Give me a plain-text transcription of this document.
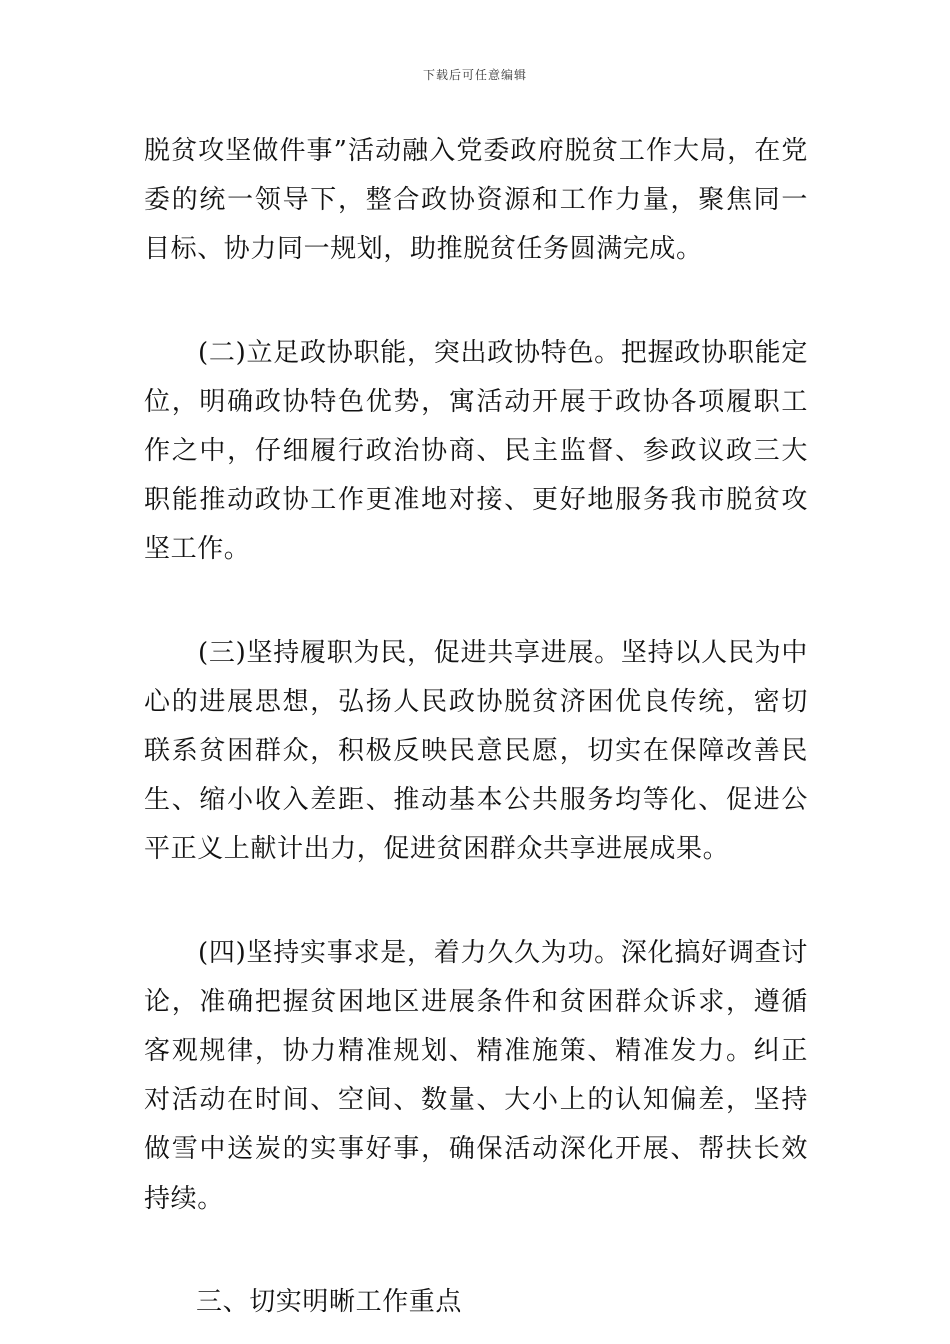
下载后可任意编辑

脱贫攻坚做件事”活动融入党委政府脱贫工作大局，在党委的统一领导下，整合政协资源和工作力量，聚焦同一目标、协力同一规划，助推脱贫任务圆满完成。

(二)立足政协职能，突出政协特色。把握政协职能定位，明确政协特色优势，寓活动开展于政协各项履职工作之中，仔细履行政治协商、民主监督、参政议政三大职能推动政协工作更准地对接、更好地服务我市脱贫攻坚工作。

(三)坚持履职为民，促进共享进展。坚持以人民为中心的进展思想，弘扬人民政协脱贫济困优良传统，密切联系贫困群众，积极反映民意民愿，切实在保障改善民生、缩小收入差距、推动基本公共服务均等化、促进公平正义上献计出力，促进贫困群众共享进展成果。

(四)坚持实事求是，着力久久为功。深化搞好调查讨论，准确把握贫困地区进展条件和贫困群众诉求，遵循客观规律，协力精准规划、精准施策、精准发力。纠正对活动在时间、空间、数量、大小上的认知偏差，坚持做雪中送炭的实事好事，确保活动深化开展、帮扶长效持续。

三、切实明晰工作重点
